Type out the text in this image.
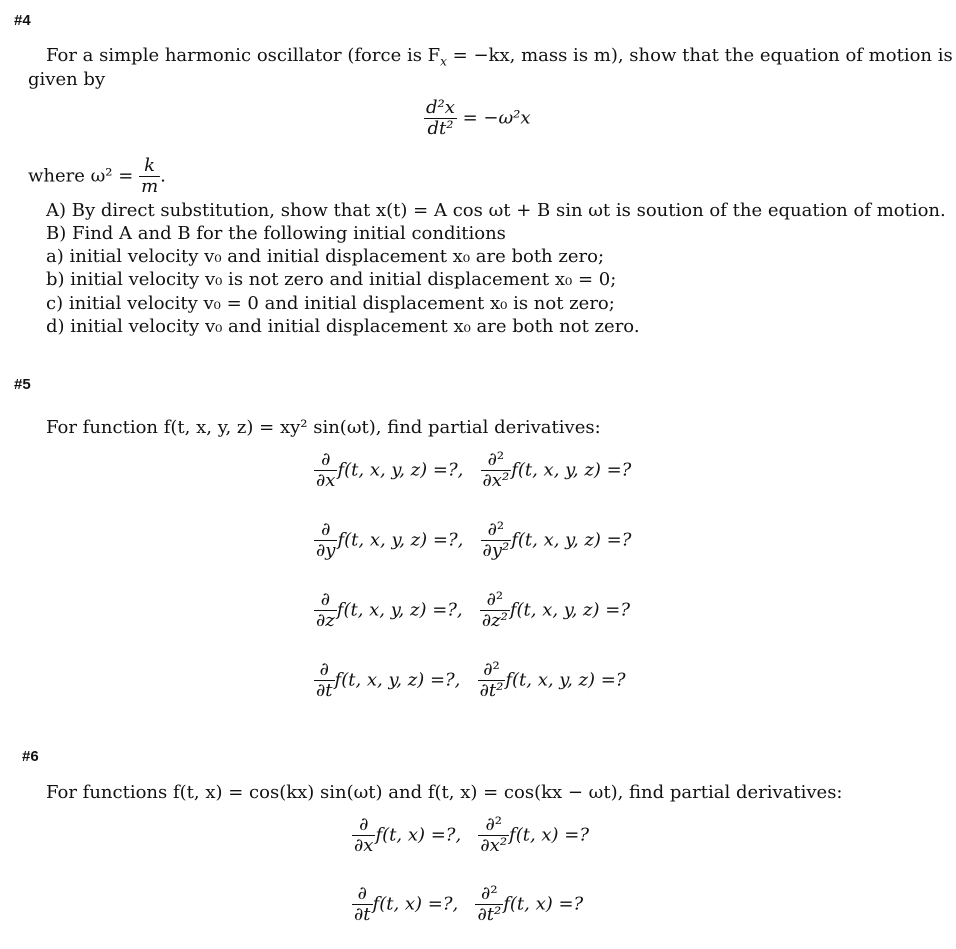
#4
For a simple harmonic oscillator (force is $F_x = -kx$, mass is m), show that the equation of motion is
given by
$\frac{\text{d²x}}{\text{dt²}} = -\omega^2x$
where $\omega^2 = \frac{k}{m}$ .
A) By direct substitution, show that x(t) = A cos ωt + B sin ωt is soution of the equation of motion.
B) Find A and B for the following initial conditions
a) initial velocity v₀ and initial displacement x₀ are both zero;
b) initial velocity v₀ is not zero and initial displacement x₀ = 0;
c) initial velocity v₀ = 0 and initial displacement x₀ is not zero;
d) initial velocity v₀ and initial displacement x₀ are both not zero.
#5
For function f(t, x, y, z) = xy² sin(ωt), find partial derivatives:
$\frac{\partial}{\partial x} f(t$, x, y, z) =?, $\frac{\text{∂²}}{\text{∂x²}} f(t$, x, y, z) =?
$\frac{\partial}{\partial y} f(t$, x, y, z) =?, $\frac{\text{∂²}}{\text{∂y²}} f(t$, x, y, z) =?
$\frac{\partial}{\partial z} f(t$, x, y, z) =?, $\frac{\text{∂²}}{\text{∂z²}} f(t$, x, y, z) =?
$\frac{\partial}{\partial t} f(t$, x, y, z) =?, $\frac{\text{∂²}}{\text{∂t²}} f(t$, x, y, z) =?
#6
For functions f(t, x) = cos(kx) sin(ωt) and f(t, x) = cos(kx − ωt), find partial derivatives:
$\frac{\partial}{\partial x} f(t$, x) =?, $\frac{\text{∂²}}{\text{∂x²}} f(t$, x) =?
$\frac{\partial}{\partial t} f(t$, x) =?, $\frac{\text{∂²}}{\text{∂t²}} f(t$, x) =?
